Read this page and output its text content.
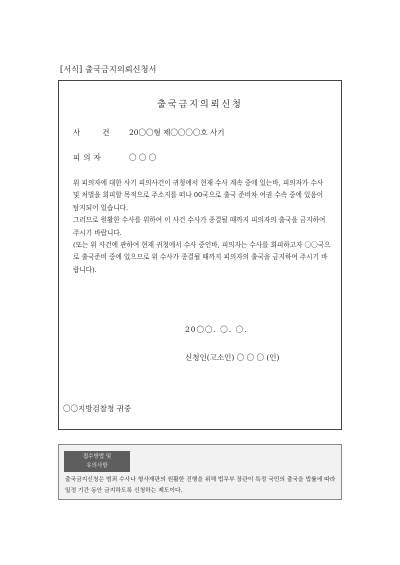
[서식] 출국금지의뢰신청서
출국금지의뢰신청
사건20〇〇형 제〇〇〇〇호 사기
피의자	〇 〇 〇
위 피의자에 대한 사기 피의사건이 귀청에서 현재 수사 계속 중에 있는바, 피의자가 수사 및 처벌을 회피할 목적으로 주소지를 떠나 00국으로 출국 준비차 여권 수속 중에 있음이 탐지되어 있습니다.
그러므로 원활한 수사를 위하여 이 사건 수사가 종결될 때까지 피의자의 출국을 금지하여 주시기 바랍니다.
(또는 위 사건에 관하여 현재 귀청에서 수사 중인바, 피의자는 수사를 회피하고자 〇〇국으로 출국준비 중에 있으므로 위 수사가 종결될 때까지 피의자의 출국을 금지하여 주시기 바랍니다).
20〇〇. 〇. 〇.
신청인(고소인) 〇 〇 〇 (인)
〇〇지방검찰청 귀중
접수방법 및
유의사항
출국금지신청은 범죄 수사나 형사재판의 원활한 진행을 위해 법무부 장관이 특정 국민의 출국을 법률에 따라 일정 기간 동안 금지하도록 신청하는 제도이다.
